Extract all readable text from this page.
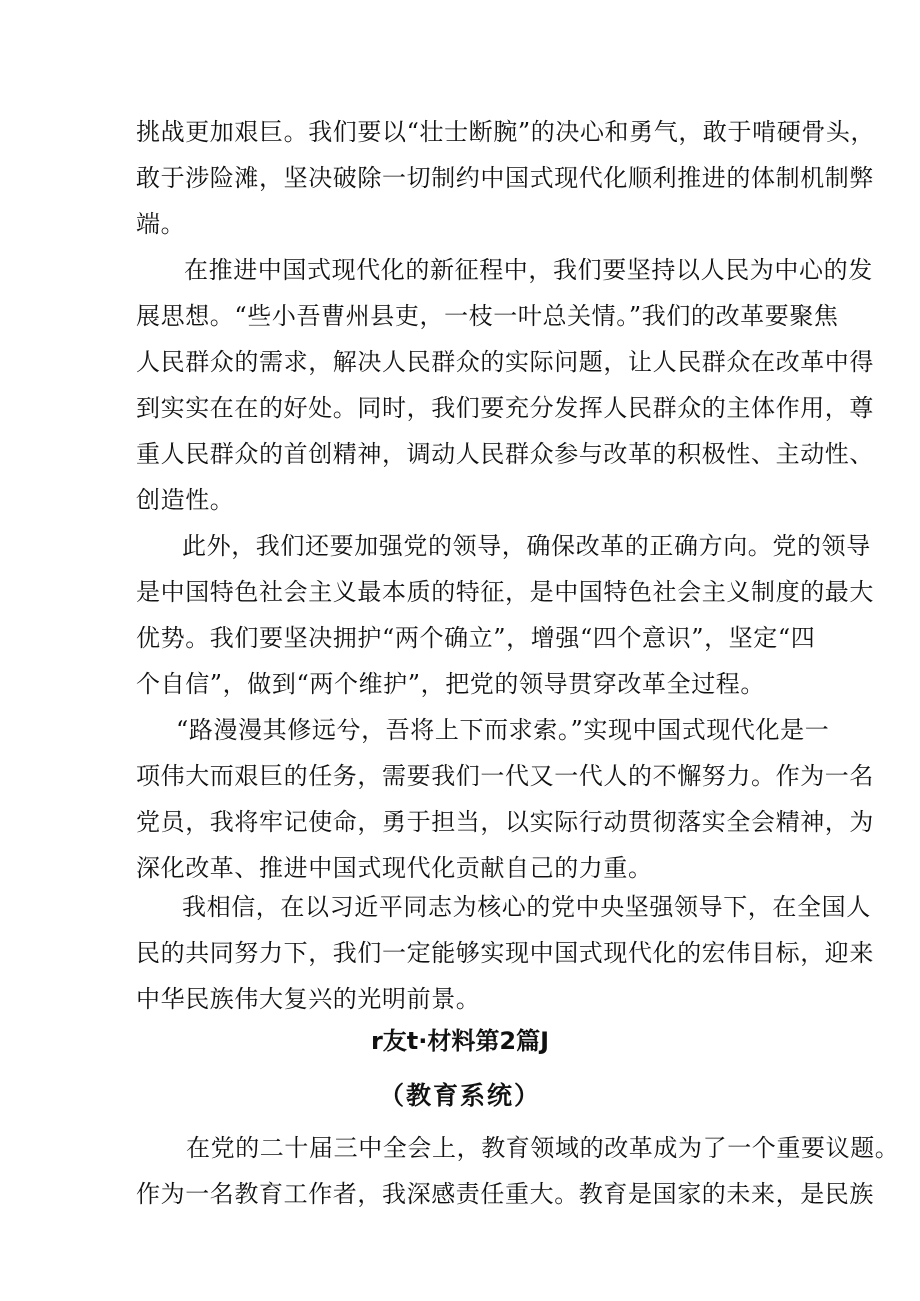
挑战更加艰巨。我们要以“壮士断腕”的决心和勇气，敢于啃硬骨头，
敢于涉险滩，坚决破除一切制约中国式现代化顺利推进的体制机制弊
端。
在推进中国式现代化的新征程中，我们要坚持以人民为中心的发
展思想。“些小吾曹州县吏，一枝一叶总关情。”我们的改革要聚焦
人民群众的需求，解决人民群众的实际问题，让人民群众在改革中得
到实实在在的好处。同时，我们要充分发挥人民群众的主体作用，尊
重人民群众的首创精神，调动人民群众参与改革的积极性、主动性、
创造性。
此外，我们还要加强党的领导，确保改革的正确方向。党的领导
是中国特色社会主义最本质的特征，是中国特色社会主义制度的最大
优势。我们要坚决拥护“两个确立”，增强“四个意识”，坚定“四
个自信”，做到“两个维护”，把党的领导贯穿改革全过程。
“路漫漫其修远兮，吾将上下而求索。”实现中国式现代化是一
项伟大而艰巨的任务，需要我们一代又一代人的不懈努力。作为一名
党员，我将牢记使命，勇于担当，以实际行动贯彻落实全会精神，为
深化改革、推进中国式现代化贡献自己的力重。
我相信，在以习近平同志为核心的党中央坚强领导下，在全国人
民的共同努力下，我们一定能够实现中国式现代化的宏伟目标，迎来
中华民族伟大复兴的光明前景。
r友t·材料第2篇J
（教育系统）
在党的二十届三中全会上，教育领域的改革成为了一个重要议题。
作为一名教育工作者，我深感责任重大。教育是国家的未来，是民族
